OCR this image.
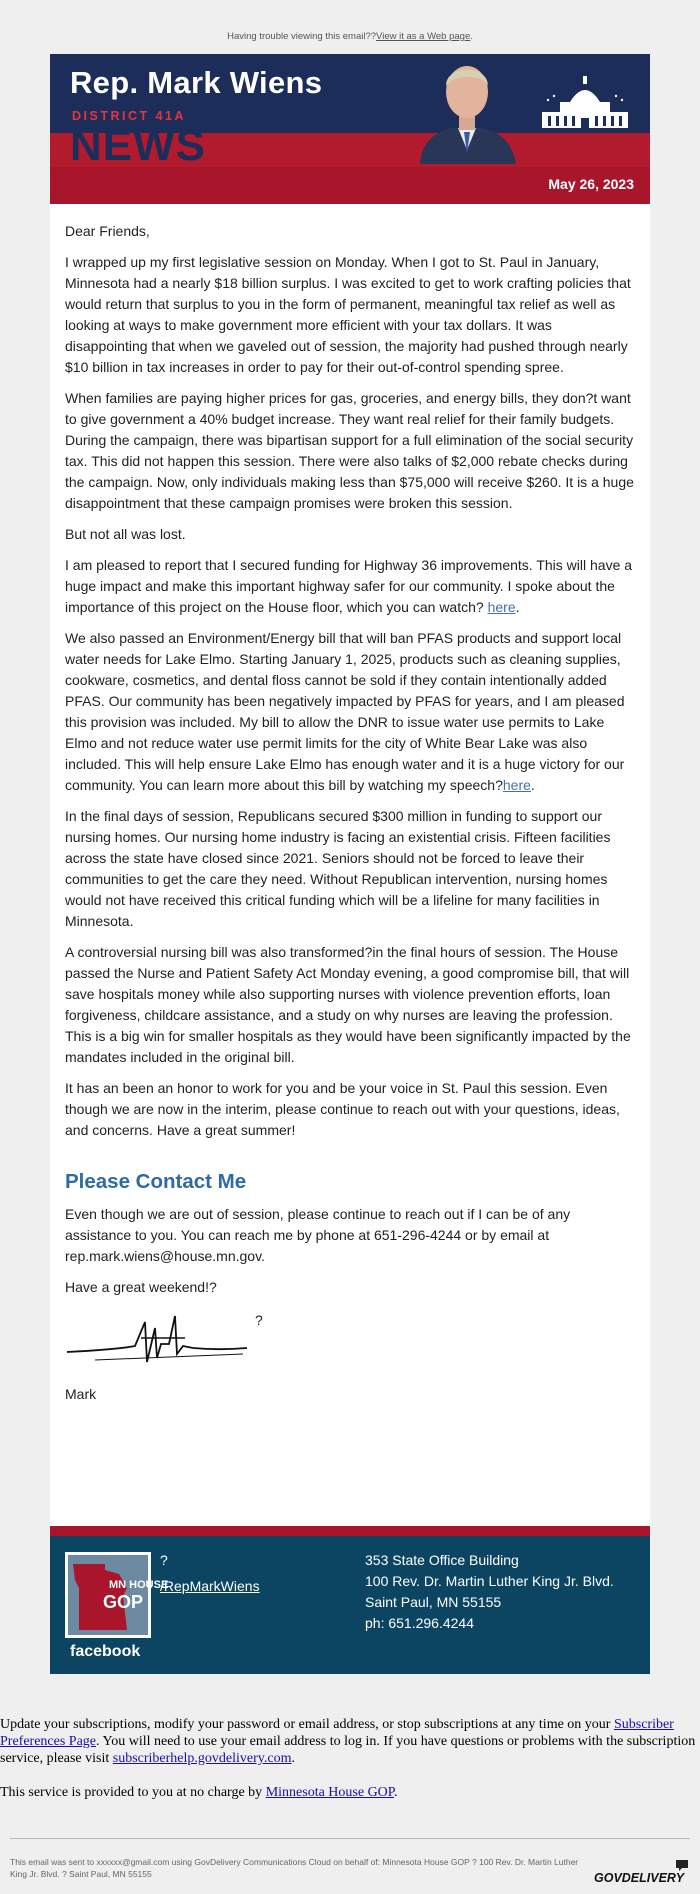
Having trouble viewing this email??View it as a Web page.
Rep. Mark Wiens
DISTRICT 41A
NEWS
May 26, 2023

Dear Friends,

I wrapped up my first legislative session on Monday. When I got to St. Paul in January, Minnesota had a nearly $18 billion surplus. I was excited to get to work crafting policies that would return that surplus to you in the form of permanent, meaningful tax relief as well as looking at ways to make government more efficient with your tax dollars. It was disappointing that when we gaveled out of session, the majority had pushed through nearly $10 billion in tax increases in order to pay for their out-of-control spending spree.

When families are paying higher prices for gas, groceries, and energy bills, they don?t want to give government a 40% budget increase. They want real relief for their family budgets. During the campaign, there was bipartisan support for a full elimination of the social security tax. This did not happen this session. There were also talks of $2,000 rebate checks during the campaign. Now, only individuals making less than $75,000 will receive $260. It is a huge disappointment that these campaign promises were broken this session.

But not all was lost.

I am pleased to report that I secured funding for Highway 36 improvements. This will have a huge impact and make this important highway safer for our community. I spoke about the importance of this project on the House floor, which you can watch? here.

We also passed an Environment/Energy bill that will ban PFAS products and support local water needs for Lake Elmo. Starting January 1, 2025, products such as cleaning supplies, cookware, cosmetics, and dental floss cannot be sold if they contain intentionally added PFAS. Our community has been negatively impacted by PFAS for years, and I am pleased this provision was included. My bill to allow the DNR to issue water use permits to Lake Elmo and not reduce water use permit limits for the city of White Bear Lake was also included. This will help ensure Lake Elmo has enough water and it is a huge victory for our community. You can learn more about this bill by watching my speech?here.

In the final days of session, Republicans secured $300 million in funding to support our nursing homes. Our nursing home industry is facing an existential crisis. Fifteen facilities across the state have closed since 2021. Seniors should not be forced to leave their communities to get the care they need. Without Republican intervention, nursing homes would not have received this critical funding which will be a lifeline for many facilities in Minnesota.

A controversial nursing bill was also transformed?in the final hours of session. The House passed the Nurse and Patient Safety Act Monday evening, a good compromise bill, that will save hospitals money while also supporting nurses with violence prevention efforts, loan forgiveness, childcare assistance, and a study on why nurses are leaving the profession. This is a big win for smaller hospitals as they would have been significantly impacted by the mandates included in the original bill.

It has an been an honor to work for you and be your voice in St. Paul this session. Even though we are now in the interim, please continue to reach out with your questions, ideas, and concerns. Have a great summer!

Please Contact Me

Even though we are out of session, please continue to reach out if I can be of any assistance to you. You can reach me by phone at 651-296-4244 or by email at rep.mark.wiens@house.mn.gov.

Have a great weekend!?

?

Mark

MN HOUSE
GOP
facebook
?
/RepMarkWiens
353 State Office Building
100 Rev. Dr. Martin Luther King Jr. Blvd.
Saint Paul, MN 55155
ph: 651.296.4244

Update your subscriptions, modify your password or email address, or stop subscriptions at any time on your Subscriber Preferences Page. You will need to use your email address to log in. If you have questions or problems with the subscription service, please visit subscriberhelp.govdelivery.com.

This service is provided to you at no charge by Minnesota House GOP.

This email was sent to xxxxxx@gmail.com using GovDelivery Communications Cloud on behalf of: Minnesota House GOP ? 100 Rev. Dr. Martin Luther King Jr. Blvd. ? Saint Paul, MN 55155	GOVDELIVERY
